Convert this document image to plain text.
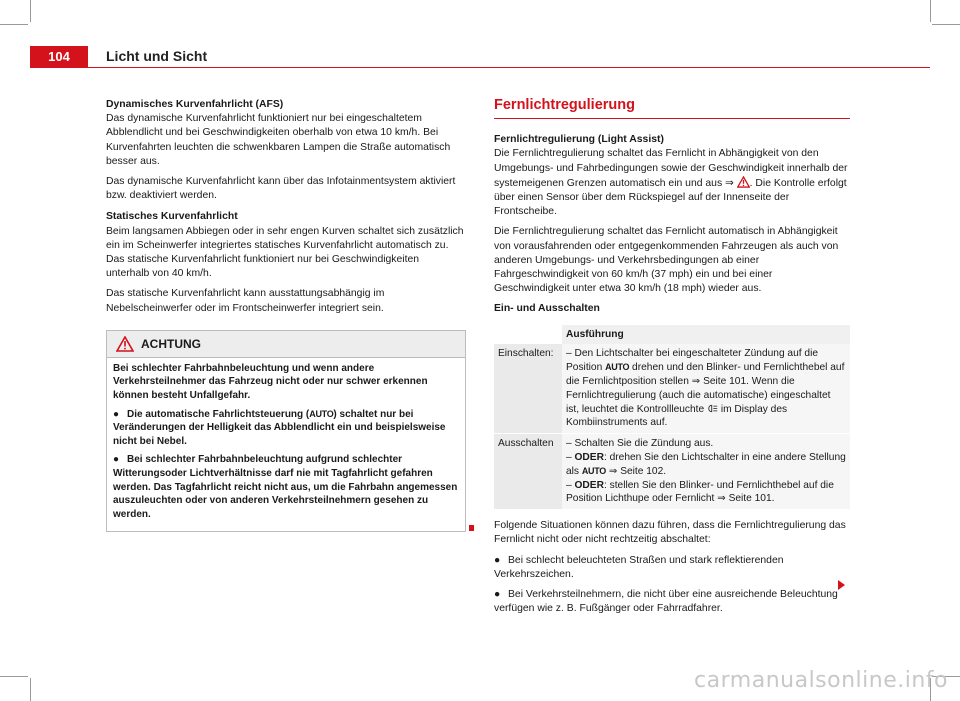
104	Licht und Sicht

Dynamisches Kurvenfahrlicht (AFS)

Das dynamische Kurvenfahrlicht funktioniert nur bei eingeschaltetem Abblendlicht und bei Geschwindigkeiten oberhalb von etwa 10 km/h. Bei Kurvenfahrten leuchten die schwenkbaren Lampen die Straße automatisch besser aus.

Das dynamische Kurvenfahrlicht kann über das Infotainmentsystem aktiviert bzw. deaktiviert werden.

Statisches Kurvenfahrlicht

Beim langsamen Abbiegen oder in sehr engen Kurven schaltet sich zusätzlich ein im Scheinwerfer integriertes statisches Kurvenfahrlicht automatisch zu. Das statische Kurvenfahrlicht funktioniert nur bei Geschwindigkeiten unterhalb von 40 km/h.

Das statische Kurvenfahrlicht kann ausstattungsabhängig im Nebelscheinwerfer oder im Frontscheinwerfer integriert sein.

ACHTUNG

Bei schlechter Fahrbahnbeleuchtung und wenn andere Verkehrsteilnehmer das Fahrzeug nicht oder nur schwer erkennen können besteht Unfallgefahr.

● Die automatische Fahrlichtsteuerung (AUTO) schaltet nur bei Veränderungen der Helligkeit das Abblendlicht ein und beispielsweise nicht bei Nebel.

● Bei schlechter Fahrbahnbeleuchtung aufgrund schlechter Witterungsoder Lichtverhältnisse darf nie mit Tagfahrlicht gefahren werden. Das Tagfahrlicht reicht nicht aus, um die Fahrbahn angemessen auszuleuchten oder von anderen Verkehrsteilnehmern gesehen zu werden.

Fernlichtregulierung

Fernlichtregulierung (Light Assist)

Die Fernlichtregulierung schaltet das Fernlicht in Abhängigkeit von den Umgebungs- und Fahrbedingungen sowie der Geschwindigkeit innerhalb der systemeigenen Grenzen automatisch ein und aus ⇒ . Die Kontrolle erfolgt über einen Sensor über dem Rückspiegel auf der Innenseite der Frontscheibe.

Die Fernlichtregulierung schaltet das Fernlicht automatisch in Abhängigkeit von vorausfahrenden oder entgegenkommenden Fahrzeugen als auch von anderen Umgebungs- und Verkehrsbedingungen ab einer Fahrgeschwindigkeit von 60 km/h (37 mph) ein und bei einer Geschwindigkeit unter etwa 30 km/h (18 mph) wieder aus.

Ein- und Ausschalten

	Ausführung
Einschalten:	– Den Lichtschalter bei eingeschalteter Zündung auf die Position AUTO drehen und den Blinker- und Fernlichthebel auf die Fernlichtposition stellen ⇒ Seite 101. Wenn die Fernlichtregulierung (auch die automatische) eingeschaltet ist, leuchtet die Kontrollleuchte  im Display des Kombiinstruments auf.
Ausschalten	– Schalten Sie die Zündung aus.
– ODER: drehen Sie den Lichtschalter in eine andere Stellung als AUTO ⇒ Seite 102.
– ODER: stellen Sie den Blinker- und Fernlichthebel auf die Position Lichthupe oder Fernlicht ⇒ Seite 101.

Folgende Situationen können dazu führen, dass die Fernlichtregulierung das Fernlicht nicht oder nicht rechtzeitig abschaltet:

● Bei schlecht beleuchteten Straßen und stark reflektierenden Verkehrszeichen.

● Bei Verkehrsteilnehmern, die nicht über eine ausreichende Beleuchtung verfügen wie z. B. Fußgänger oder Fahrradfahrer.

carmanualsonline.info
